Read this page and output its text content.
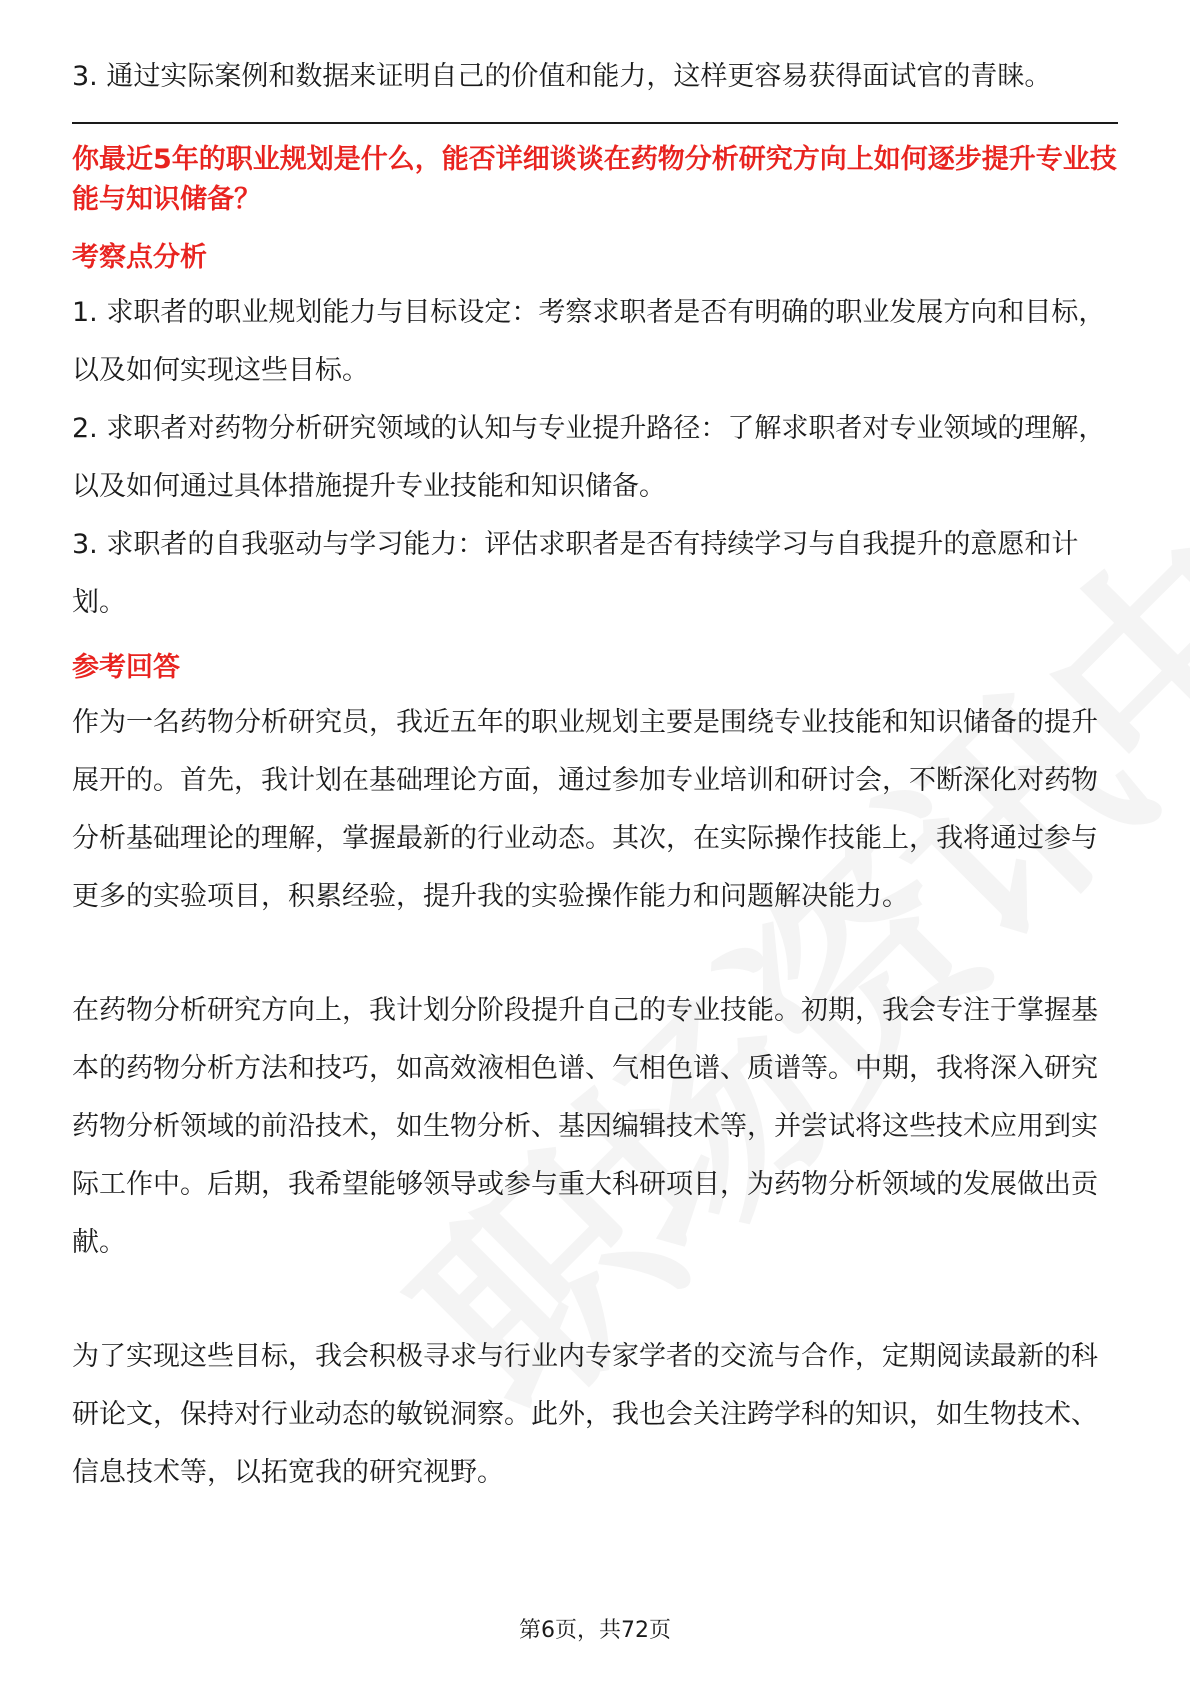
3. 通过实际案例和数据来证明自己的价值和能力，这样更容易获得面试官的青睐。

你最近5年的职业规划是什么，能否详细谈谈在药物分析研究方向上如何逐步提升专业技能与知识储备？

考察点分析

1. 求职者的职业规划能力与目标设定：考察求职者是否有明确的职业发展方向和目标，以及如何实现这些目标。

2. 求职者对药物分析研究领域的认知与专业提升路径：了解求职者对专业领域的理解，以及如何通过具体措施提升专业技能和知识储备。

3. 求职者的自我驱动与学习能力：评估求职者是否有持续学习与自我提升的意愿和计划。

参考回答

作为一名药物分析研究员，我近五年的职业规划主要是围绕专业技能和知识储备的提升展开的。首先，我计划在基础理论方面，通过参加专业培训和研讨会，不断深化对药物分析基础理论的理解，掌握最新的行业动态。其次，在实际操作技能上，我将通过参与更多的实验项目，积累经验，提升我的实验操作能力和问题解决能力。

在药物分析研究方向上，我计划分阶段提升自己的专业技能。初期，我会专注于掌握基本的药物分析方法和技巧，如高效液相色谱、气相色谱、质谱等。中期，我将深入研究药物分析领域的前沿技术，如生物分析、基因编辑技术等，并尝试将这些技术应用到实际工作中。后期，我希望能够领导或参与重大科研项目，为药物分析领域的发展做出贡献。

为了实现这些目标，我会积极寻求与行业内专家学者的交流与合作，定期阅读最新的科研论文，保持对行业动态的敏锐洞察。此外，我也会关注跨学科的知识，如生物技术、信息技术等，以拓宽我的研究视野。

第6页，共72页
